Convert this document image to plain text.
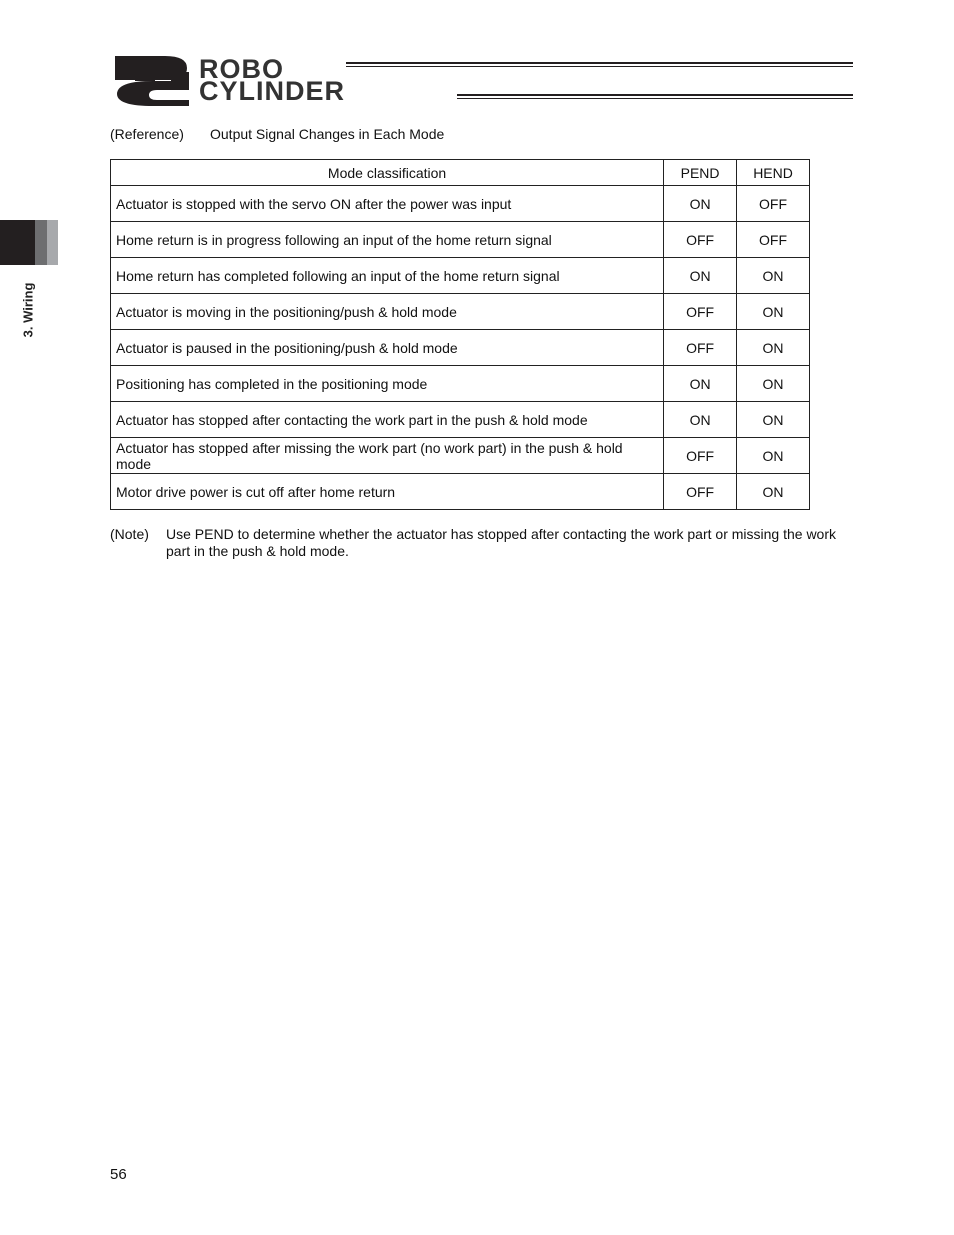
ROBO
CYLINDER
3. Wiring
(Reference) Output Signal Changes in Each Mode
Mode classification	PEND	HEND
Actuator is stopped with the servo ON after the power was input	ON	OFF
Home return is in progress following an input of the home return signal	OFF	OFF
Home return has completed following an input of the home return signal	ON	ON
Actuator is moving in the positioning/push & hold mode	OFF	ON
Actuator is paused in the positioning/push & hold mode	OFF	ON
Positioning has completed in the positioning mode	ON	ON
Actuator has stopped after contacting the work part in the push & hold mode	ON	ON
Actuator has stopped after missing the work part (no work part) in the push & hold mode	OFF	ON
Motor drive power is cut off after home return	OFF	ON
(Note) Use PEND to determine whether the actuator has stopped after contacting the work part or missing the work part in the push & hold mode.
56
